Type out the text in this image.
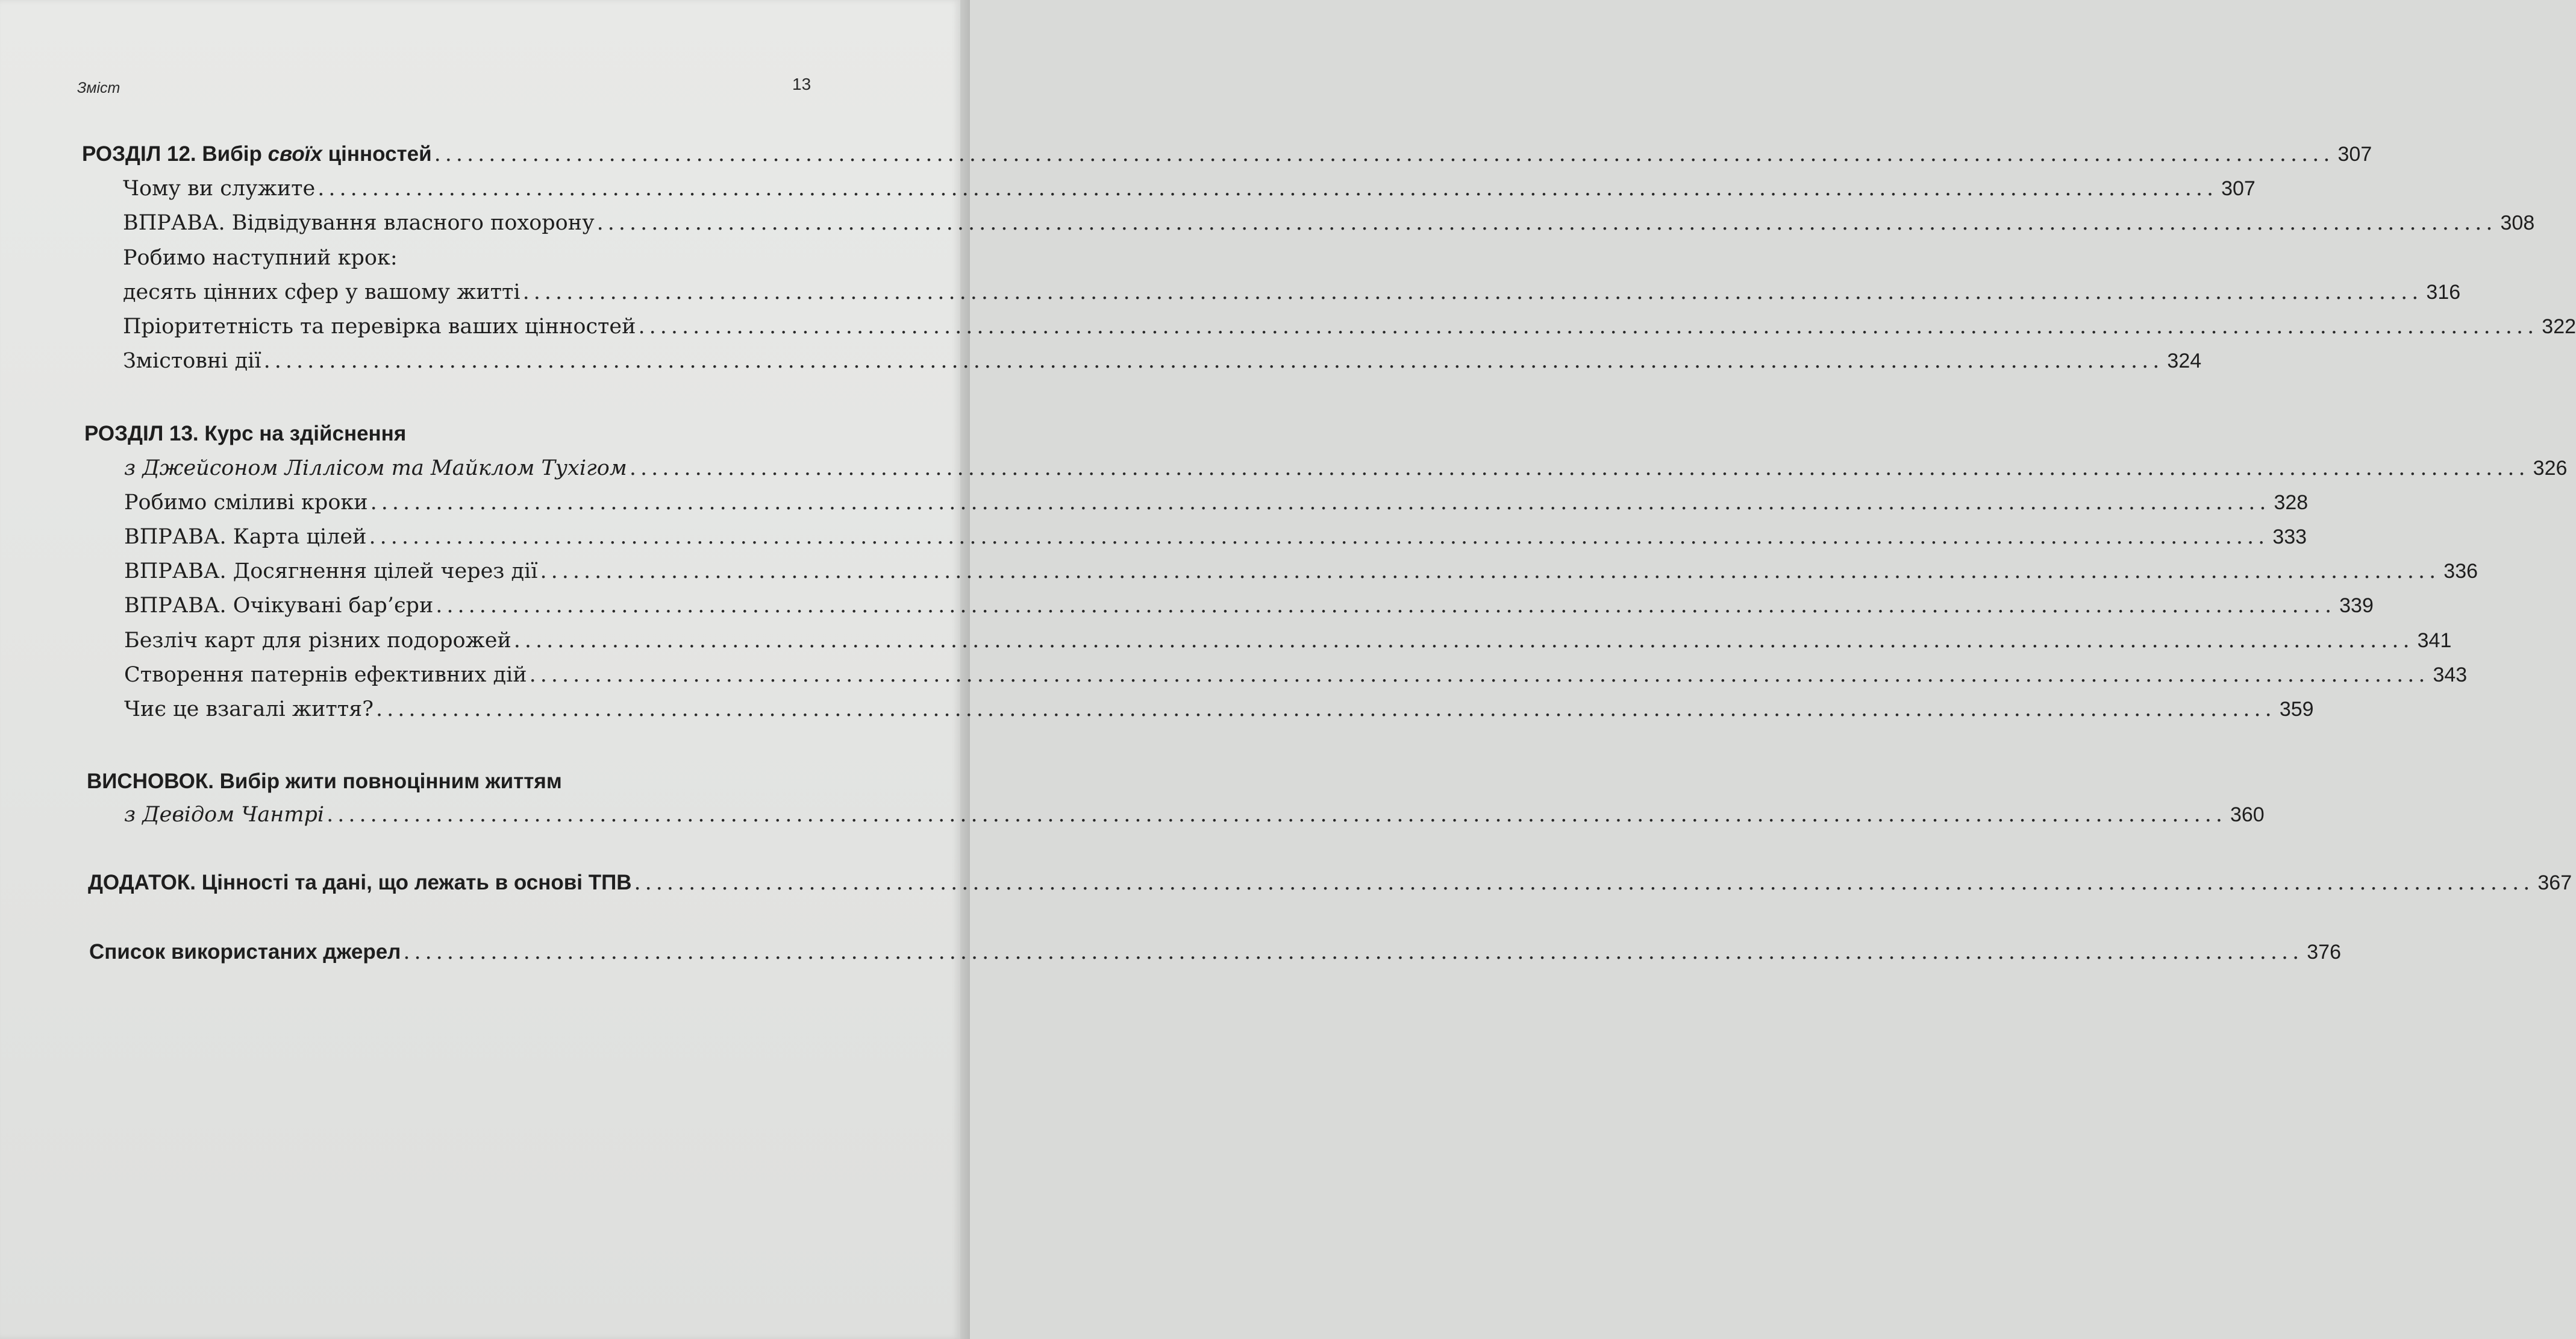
Зміст	13
РОЗДІЛ 12. Вибір своїх цінностей .............................................................................................................................................................................. 307
Чому ви служите .............................................................................................................................................................................. 307
ВПРАВА. Відвідування власного похорону .............................................................................................................................................................................. 308
Робимо наступний крок:
десять цінних сфер у вашому житті .............................................................................................................................................................................. 316
Пріоритетність та перевірка ваших цінностей .............................................................................................................................................................................. 322
Змістовні дії .............................................................................................................................................................................. 324
РОЗДІЛ 13. Курс на здійснення
з Джейсоном Ліллісом та Майклом Тухігом .............................................................................................................................................................................. 326
Робимо сміливі кроки .............................................................................................................................................................................. 328
ВПРАВА. Карта цілей .............................................................................................................................................................................. 333
ВПРАВА. Досягнення цілей через дії .............................................................................................................................................................................. 336
ВПРАВА. Очікувані бар’єри .............................................................................................................................................................................. 339
Безліч карт для різних подорожей .............................................................................................................................................................................. 341
Створення патернів ефективних дій .............................................................................................................................................................................. 343
Чиє це взагалі життя? .............................................................................................................................................................................. 359
ВИСНОВОК. Вибір жити повноцінним життям
з Девідом Чантрі .............................................................................................................................................................................. 360
ДОДАТОК. Цінності та дані, що лежать в основі ТПВ .............................................................................................................................................................................. 367
Список використаних джерел .............................................................................................................................................................................. 376
